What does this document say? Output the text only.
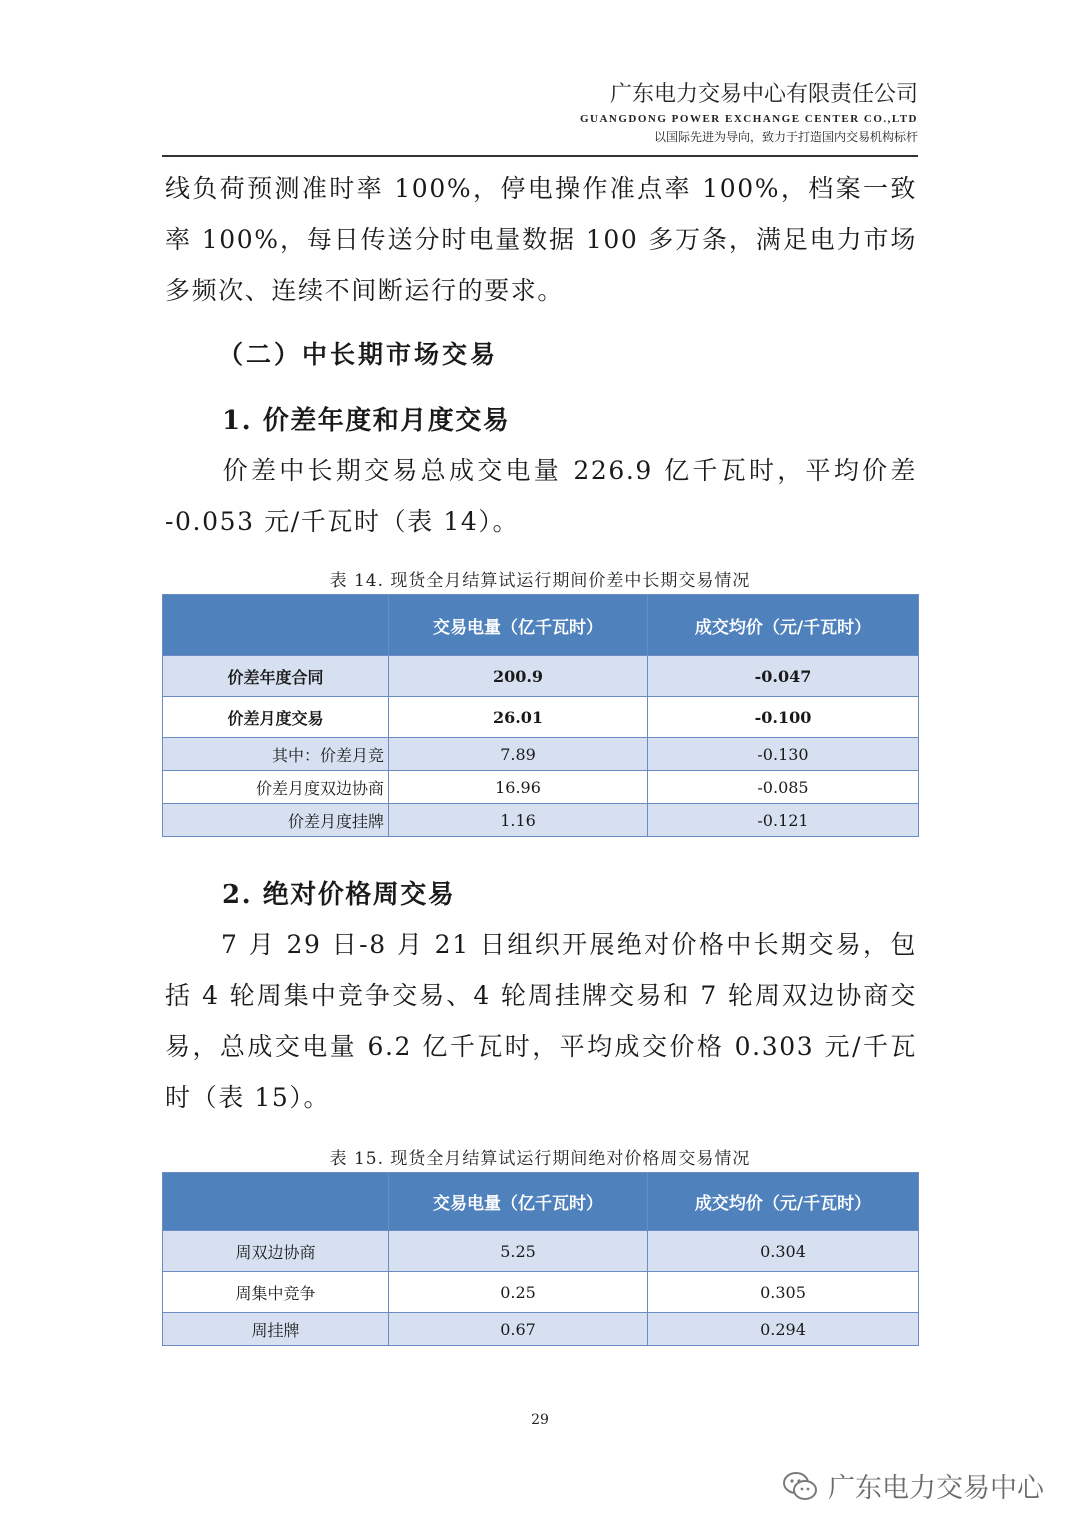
广东电力交易中心有限责任公司
GUANGDONG POWER EXCHANGE CENTER CO.,LTD
以国际先进为导向，致力于打造国内交易机构标杆

线负荷预测准时率 100%，停电操作准点率 100%，档案一致率 100%，每日传送分时电量数据 100 多万条，满足电力市场多频次、连续不间断运行的要求。

（二）中长期市场交易
1. 价差年度和月度交易

价差中长期交易总成交电量 226.9 亿千瓦时，平均价差 -0.053 元/千瓦时（表 14）。

表 14. 现货全月结算试运行期间价差中长期交易情况
	交易电量（亿千瓦时）	成交均价（元/千瓦时）
价差年度合同	200.9	-0.047
价差月度交易	26.01	-0.100
其中：价差月竞	7.89	-0.130
价差月度双边协商	16.96	-0.085
价差月度挂牌	1.16	-0.121
2. 绝对价格周交易

7 月 29 日-8 月 21 日组织开展绝对价格中长期交易，包括 4 轮周集中竞争交易、4 轮周挂牌交易和 7 轮周双边协商交易，总成交电量 6.2 亿千瓦时，平均成交价格 0.303 元/千瓦时（表 15）。

表 15. 现货全月结算试运行期间绝对价格周交易情况
	交易电量（亿千瓦时）	成交均价（元/千瓦时）
周双边协商	5.25	0.304
周集中竞争	0.25	0.305
周挂牌	0.67	0.294
29
广东电力交易中心
